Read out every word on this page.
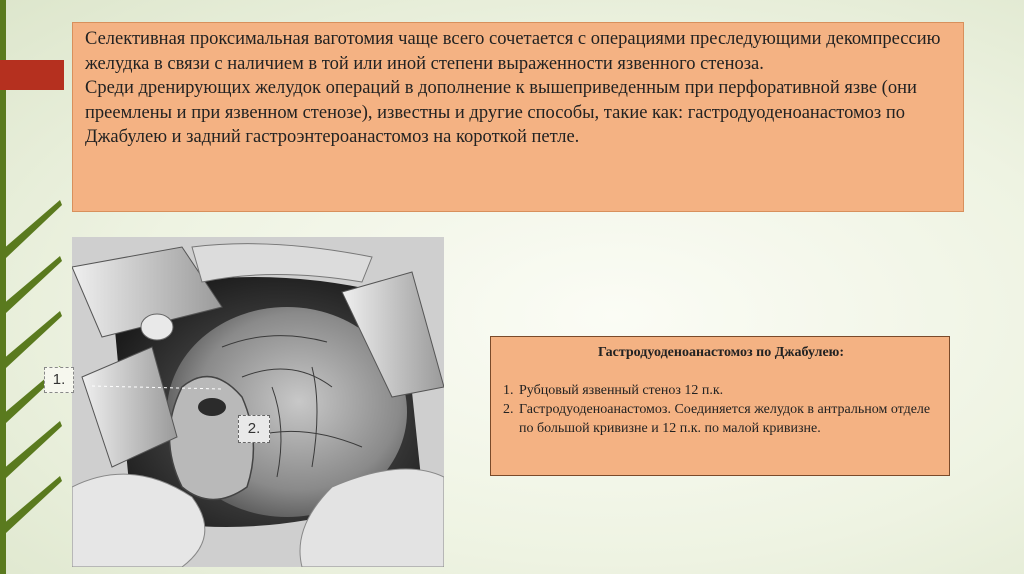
Селективная проксимальная ваготомия чаще всего сочетается с операциями преследующими декомпрессию желудка в связи с наличием в той или иной степени выраженности язвенного стеноза.

Среди дренирующих желудок операций в дополнение к вышеприведенным при перфоративной язве (они преемлены и при язвенном стенозе), известны и другие способы, такие как: гастродуоденоанастомоз по Джабулею и задний гастроэнтероанастомоз на короткой петле.

1.
2.
Гастродуоденоанастомоз по Джабулею:
1. Рубцовый язвенный стеноз 12 п.к.
2. Гастродуоденоанастомоз. Соединяется желудок в антральном отделе по большой кривизне и 12 п.к. по малой кривизне.
